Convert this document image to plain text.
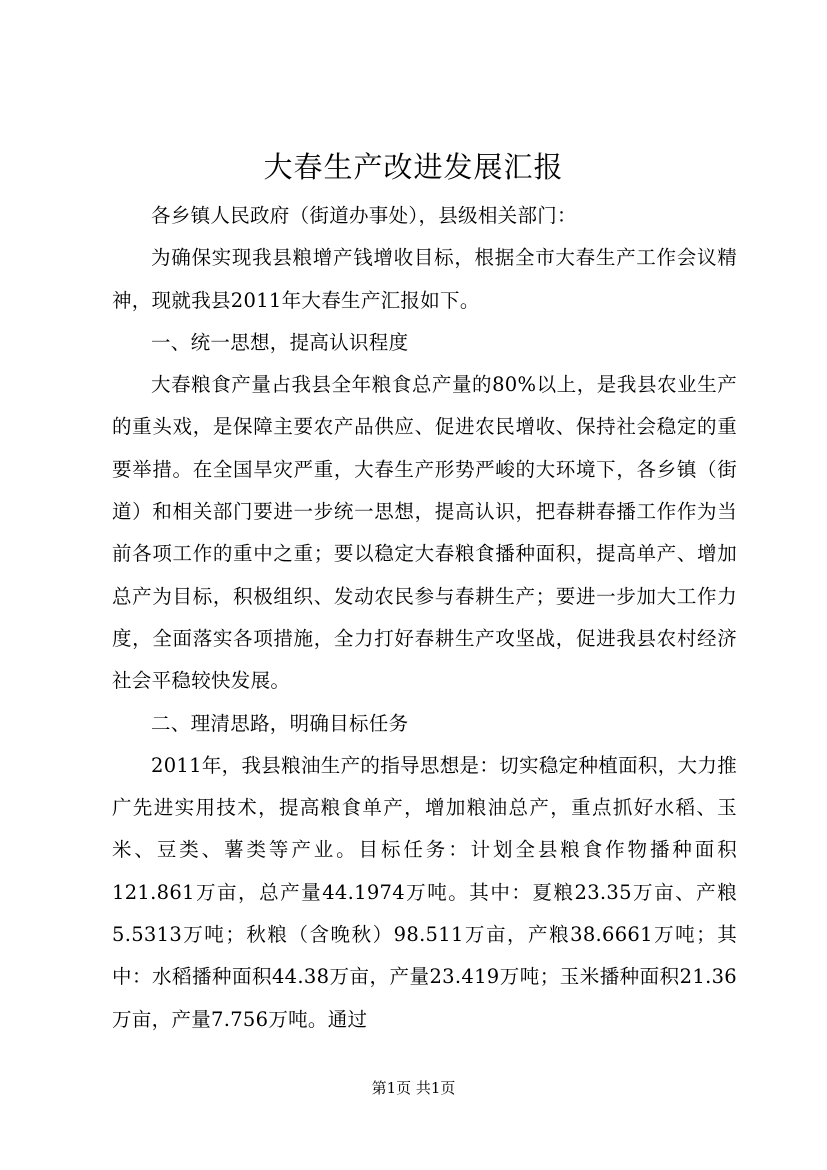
大春生产改进发展汇报

各乡镇人民政府（街道办事处），县级相关部门：

为确保实现我县粮增产钱增收目标，根据全市大春生产工作会议精神，现就我县2011年大春生产汇报如下。

一、统一思想，提高认识程度

大春粮食产量占我县全年粮食总产量的80%以上，是我县农业生产的重头戏，是保障主要农产品供应、促进农民增收、保持社会稳定的重要举措。在全国旱灾严重，大春生产形势严峻的大环境下，各乡镇（街道）和相关部门要进一步统一思想，提高认识，把春耕春播工作作为当前各项工作的重中之重；要以稳定大春粮食播种面积，提高单产、增加总产为目标，积极组织、发动农民参与春耕生产；要进一步加大工作力度，全面落实各项措施，全力打好春耕生产攻坚战，促进我县农村经济社会平稳较快发展。

二、理清思路，明确目标任务

2011年，我县粮油生产的指导思想是：切实稳定种植面积，大力推广先进实用技术，提高粮食单产，增加粮油总产，重点抓好水稻、玉米、豆类、薯类等产业。目标任务：计划全县粮食作物播种面积121.861万亩，总产量44.1974万吨。其中：夏粮23.35万亩、产粮5.5313万吨；秋粮（含晚秋）98.511万亩，产粮38.6661万吨；其中：水稻播种面积44.38万亩，产量23.419万吨；玉米播种面积21.36万亩，产量7.756万吨。通过

第1页 共1页
